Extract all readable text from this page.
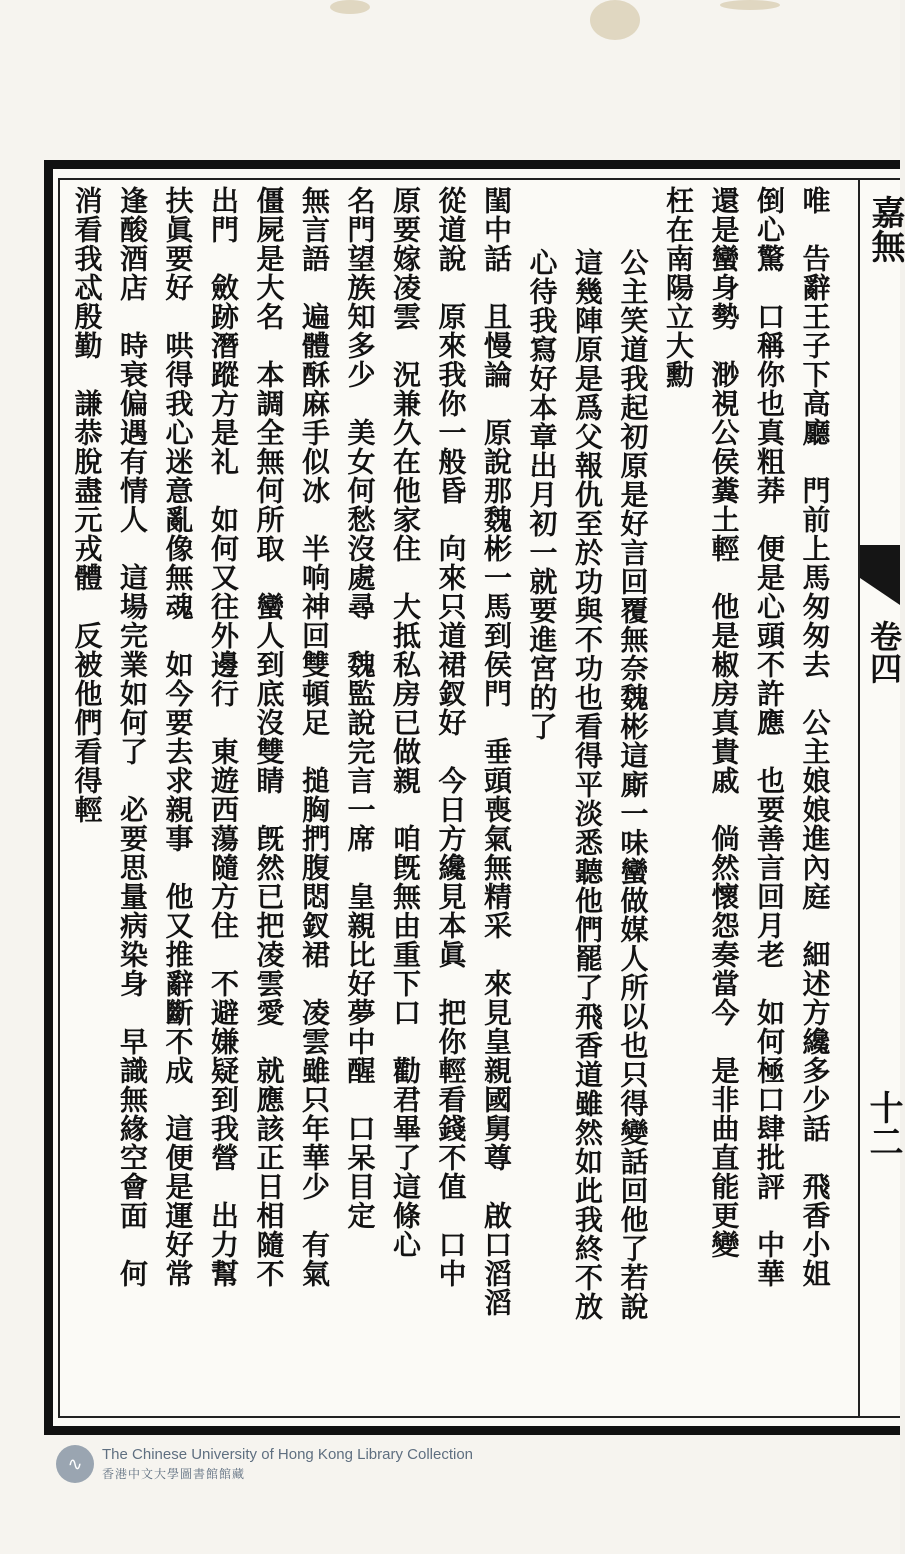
嘉無
卷四
十二
唯　告辭王子下高廳　門前上馬匆匆去　公主娘娘進內庭　細述方纔多少話　飛香小姐
倒心驚　口稱你也真粗莽　便是心頭不許應　也要善言回月老　如何極口肆批評　中華
還是蠻身勢　渺視公侯糞土輕　他是椒房真貴戚　倘然懷怨奏當今　是非曲直能更變
枉在南陽立大勳
公主笑道我起初原是好言回覆無奈魏彬這廝一味蠻做媒人所以也只得變話回他了若說
這幾陣原是爲父報仇至於功與不功也看得平淡悉聽他們罷了飛香道雖然如此我終不放
心待我寫好本章出月初一就要進宮的了
閨中話　且慢論　原說那魏彬一馬到侯門　垂頭喪氣無精采　來見皇親國舅尊　啟口滔滔
從道說　原來我你一般昏　向來只道裙釵好　今日方纔見本眞　把你輕看錢不值　口中
原要嫁凌雲　況兼久在他家住　大抵私房已做親　咱旣無由重下口　勸君畢了這條心
名門望族知多少　美女何愁沒處尋　魏監說完言一席　皇親比好夢中醒　口呆目定
無言語　遍體酥麻手似冰　半响神回雙頓足　搥胸捫腹悶釵裙　凌雲雖只年華少　有氣
僵屍是大名　本調全無何所取　蠻人到底沒雙睛　旣然已把凌雲愛　就應該正日相隨不
出門　斂跡潛蹤方是礼　如何又往外邊行　東遊西蕩隨方住　不避嫌疑到我營　出力幫
扶眞要好　哄得我心迷意亂像無魂　如今要去求親事　他又推辭斷不成　這便是運好常
逢酸酒店　時衰偏遇有情人　這場完業如何了　必要思量病染身　早識無緣空會面　何
消看我忒殷勤　謙恭脫盡元戎體　反被他們看得輕
∿	The Chinese University of Hong Kong Library Collection
香港中文大學圖書館館藏
